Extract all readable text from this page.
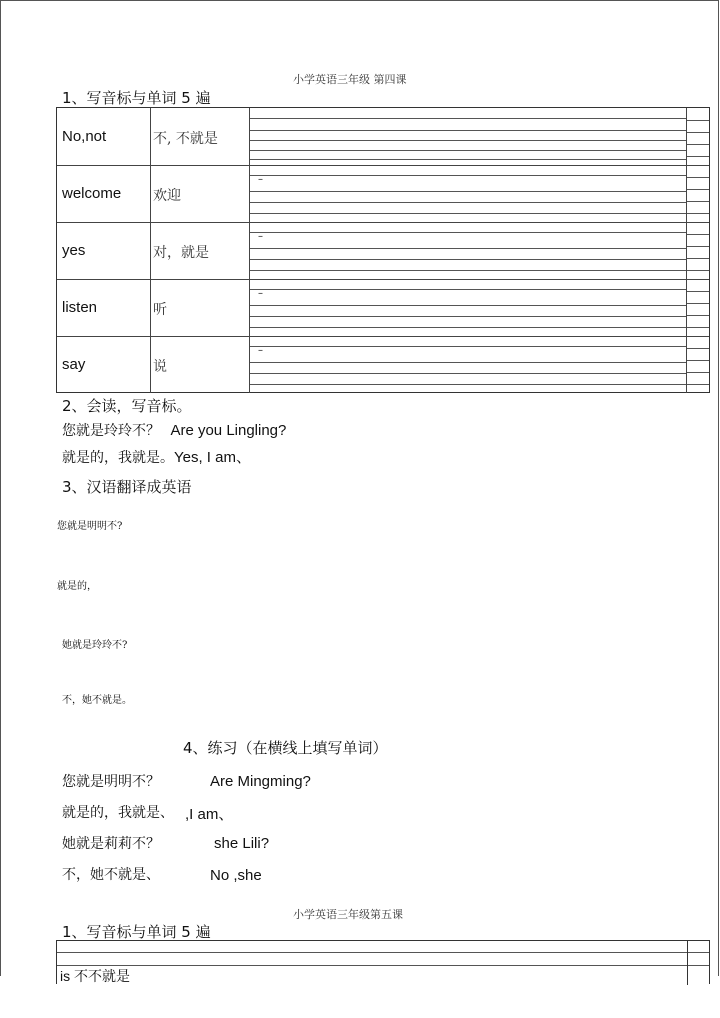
小学英语三年级 第四课
1、写音标与单词 5 遍
No,not	不, 不就是
welcome 欢迎
–
yes	对，就是
–
listen	听
–
say	说
–
2、会读，写音标。
您就是玲玲不？ Are you Lingling?
就是的，我就是。Yes, I am、
3、汉语翻译成英语
您就是明明不?
就是的，
她就是玲玲不?
不，她不就是。
4、练习（在横线上填写单词）
您就是明明不？	Are Mingming?
就是的，我就是、 ,I am、
她就是莉莉不？	she Lili?
不，她不就是、	No ,she
小学英语三年级第五课
1、写音标与单词 5 遍
is 不不就是
